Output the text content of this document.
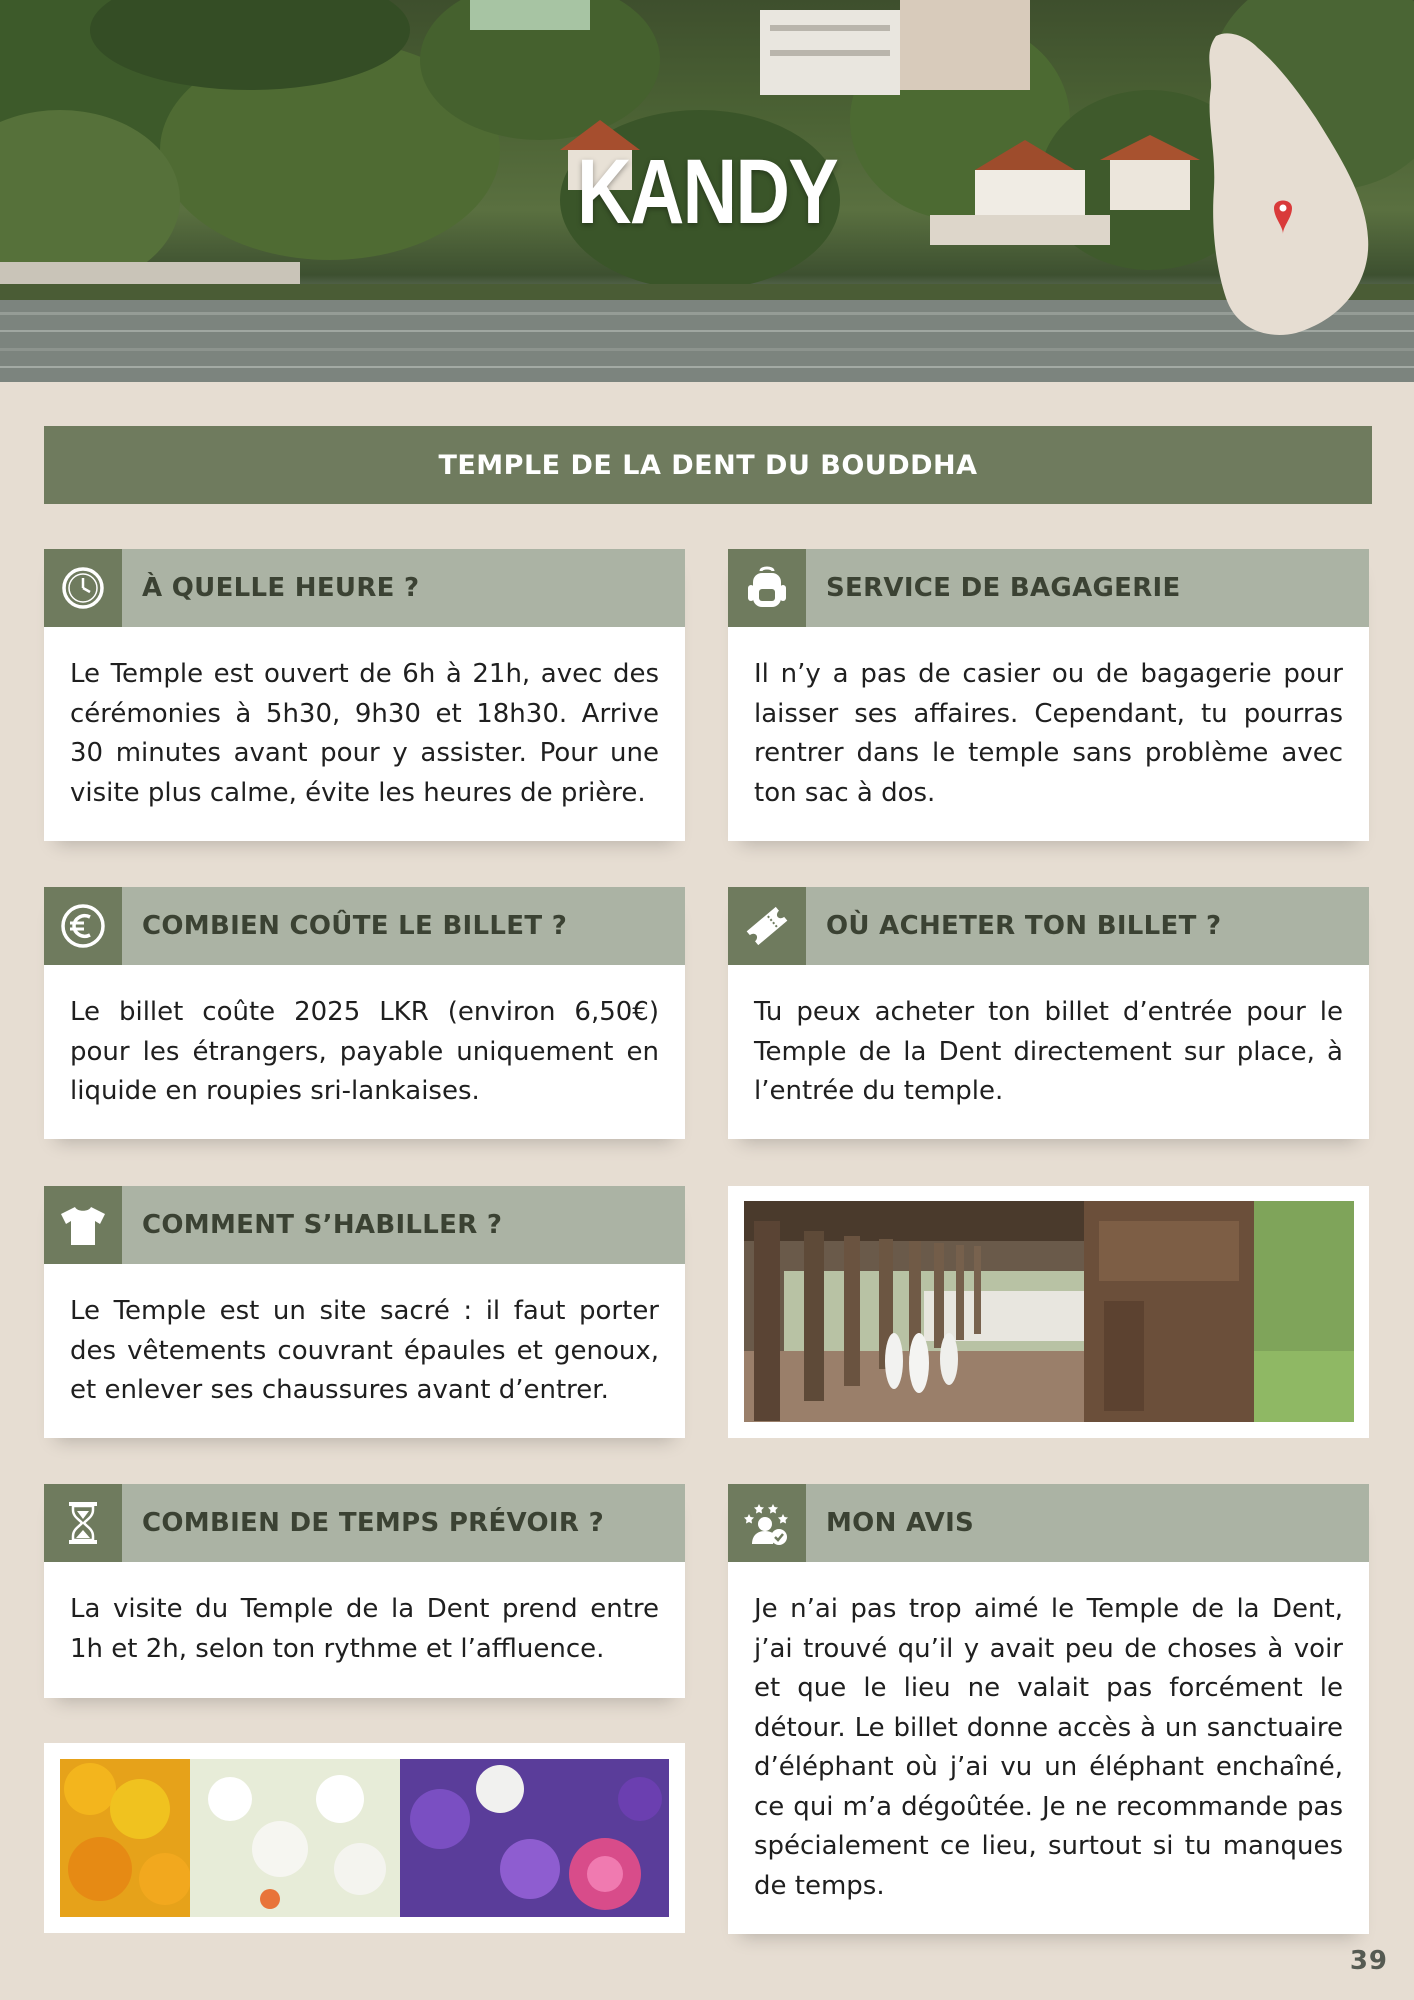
KANDY
TEMPLE DE LA DENT DU BOUDDHA
À QUELLE HEURE ?
Le Temple est ouvert de 6h à 21h, avec des cérémonies à 5h30, 9h30 et 18h30. Arrive 30 minutes avant pour y assister. Pour une visite plus calme, évite les heures de prière.
SERVICE DE BAGAGERIE
Il n’y a pas de casier ou de bagagerie pour laisser ses affaires. Cependant, tu pourras rentrer dans le temple sans problème avec ton sac à dos.
COMBIEN COÛTE LE BILLET ?
Le billet coûte 2025 LKR (environ 6,50€) pour les étrangers, payable uniquement en liquide en roupies sri-lankaises.
OÙ ACHETER TON BILLET ?
Tu peux acheter ton billet d’entrée pour le Temple de la Dent directement sur place, à l’entrée du temple.
COMMENT S’HABILLER ?
Le Temple est un site sacré : il faut porter des vêtements couvrant épaules et genoux, et enlever ses chaussures avant d’entrer.
COMBIEN DE TEMPS PRÉVOIR ?
La visite du Temple de la Dent prend entre 1h et 2h, selon ton rythme et l’affluence.
MON AVIS
Je n’ai pas trop aimé le Temple de la Dent, j’ai trouvé qu’il y avait peu de choses à voir et que le lieu ne valait pas forcément le détour. Le billet donne accès à un sanctuaire d’éléphant où j’ai vu un éléphant enchaîné, ce qui m’a dégoûtée. Je ne recommande pas spécialement ce lieu, surtout si tu manques de temps.
39
